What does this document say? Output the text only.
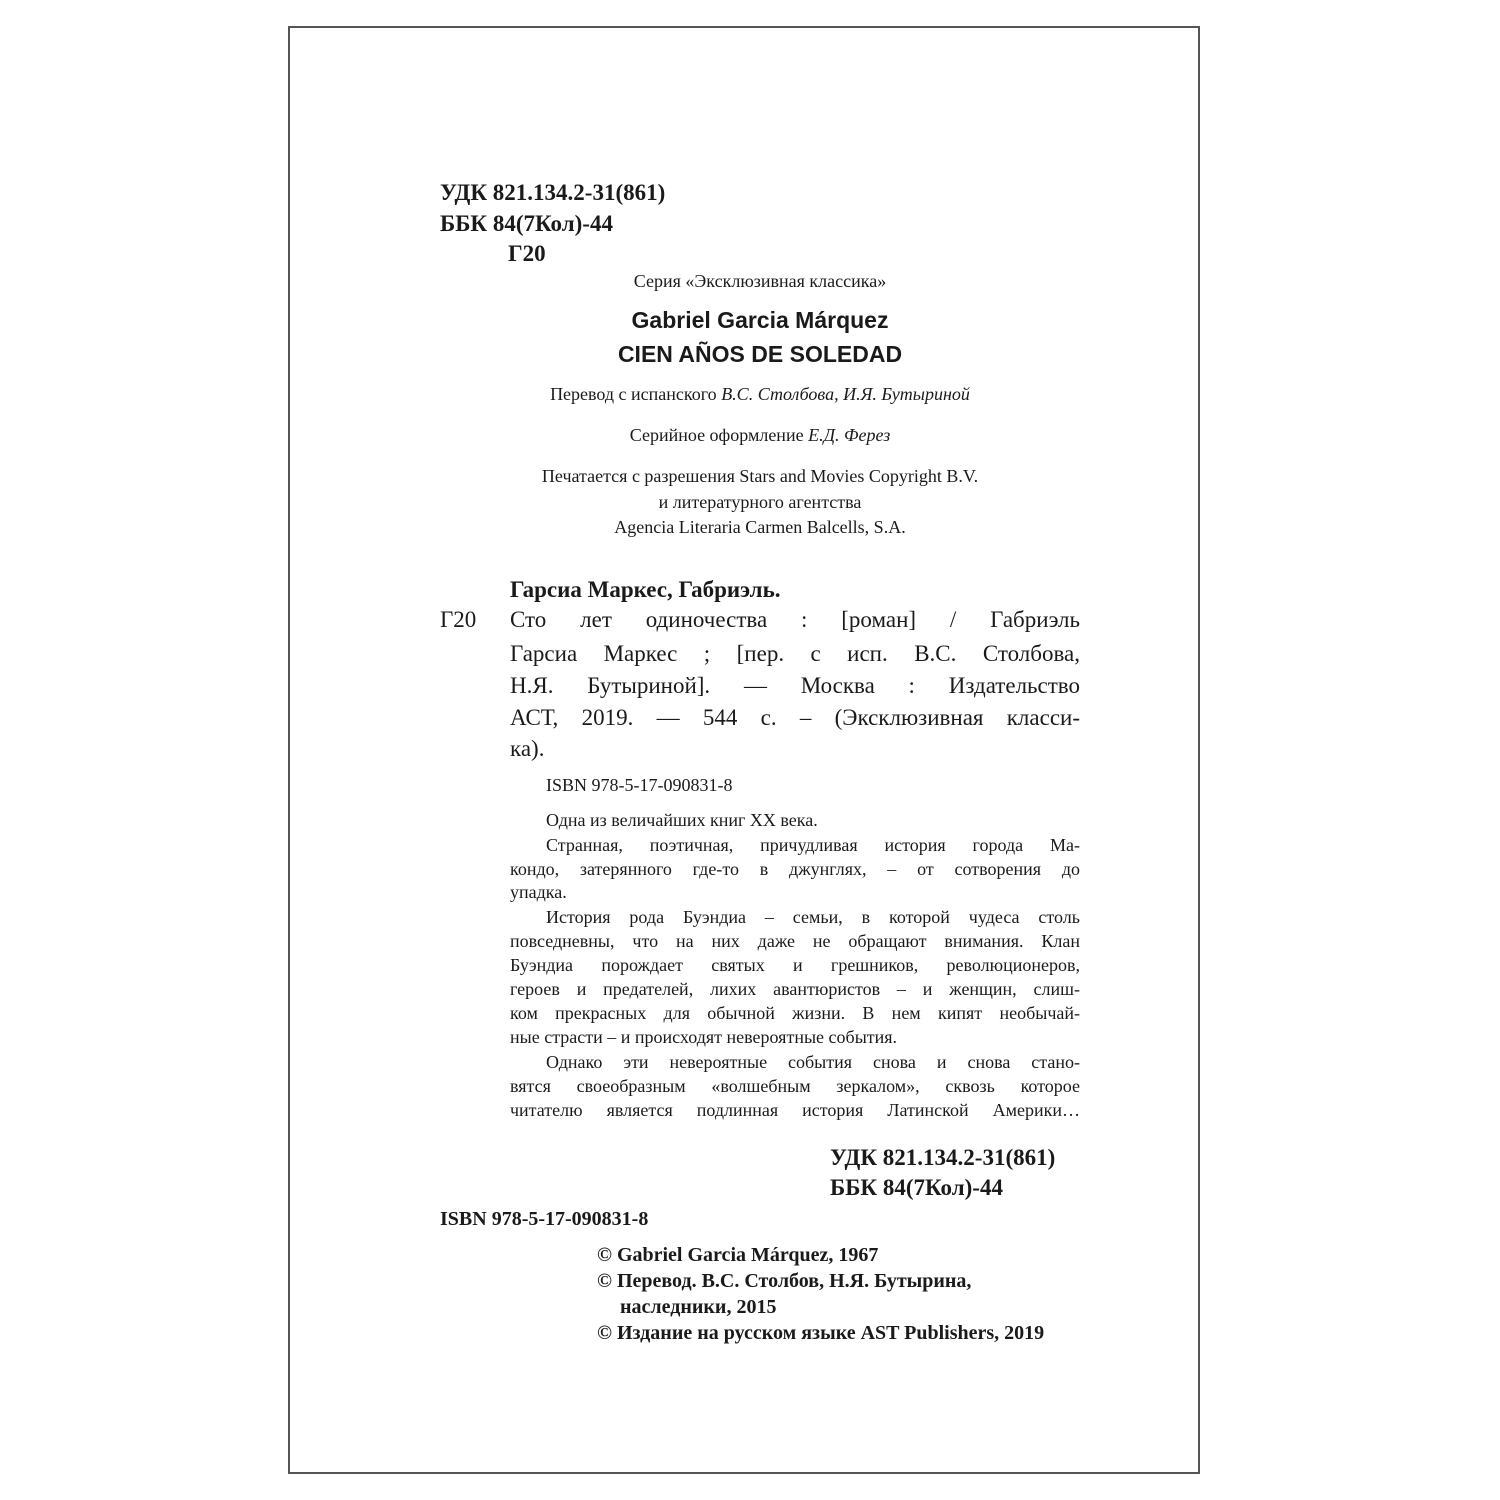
УДК 821.134.2-31(861)
ББК 84(7Кол)-44
Г20
Серия «Эксклюзивная классика»
Gabriel Garcia Márquez
CIEN AÑOS DE SOLEDAD
Перевод с испанского В.С. Столбова, И.Я. Бутыриной
Серийное оформление Е.Д. Ферез
Печатается с разрешения Stars and Movies Copyright B.V.
и литературного агентства
Agencia Literaria Carmen Balcells, S.A.
Гарсиа Маркес, Габриэль.
Г20 Сто лет одиночества : [роман] / Габриэль
Гарсиа Маркес ; [пер. с исп. В.С. Столбова,
Н.Я. Бутыриной]. — Москва : Издательство
АСТ, 2019. — 544 с. – (Эксклюзивная класси-
ка).
ISBN 978-5-17-090831-8
Одна из величайших книг XX века.
Странная, поэтичная, причудливая история города Ма-
кондо, затерянного где-то в джунглях, – от сотворения до
упадка.
История рода Буэндиа – семьи, в которой чудеса столь
повседневны, что на них даже не обращают внимания. Клан
Буэндиа порождает святых и грешников, революционеров,
героев и предателей, лихих авантюристов – и женщин, слиш-
ком прекрасных для обычной жизни. В нем кипят необычай-
ные страсти – и происходят невероятные события.
Однако эти невероятные события снова и снова стано-
вятся своеобразным «волшебным зеркалом», сквозь которое
читателю является подлинная история Латинской Америки…
УДК 821.134.2-31(861)
ББК 84(7Кол)-44
ISBN 978-5-17-090831-8
© Gabriel Garcia Márquez, 1967
© Перевод. В.С. Столбов, Н.Я. Бутырина,
наследники, 2015
© Издание на русском языке AST Publishers, 2019
